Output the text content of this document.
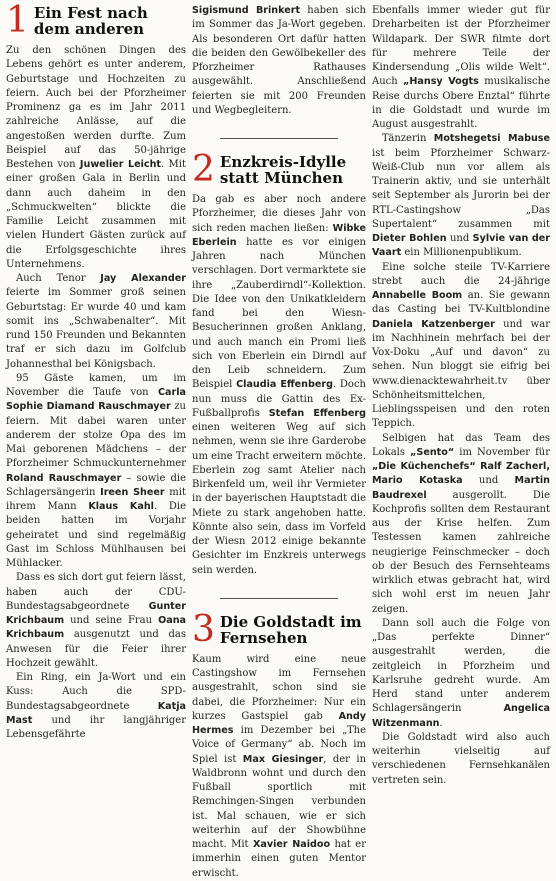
1 Ein Fest nach dem anderen

Zu den schönen Dingen des Lebens gehört es unter anderem, Geburtstage und Hochzeiten zu feiern. Auch bei der Pforzheimer Prominenz ga es im Jahr 2011 zahlreiche Anlässe, auf die angestoßen werden durfte. Zum Beispiel auf das 50-jährige Bestehen von Juwelier Leicht. Mit einer großen Gala in Berlin und dann auch daheim in den „Schmuckwelten“ blickte die Familie Leicht zusammen mit vielen Hundert Gästen zurück auf die Erfolgsgeschichte ihres Unternehmens.

Auch Tenor Jay Alexander feierte im Sommer groß seinen Geburtstag: Er wurde 40 und kam somit ins „Schwabenalter“. Mit rund 150 Freunden und Bekannten traf er sich dazu im Golfclub Johannesthal bei Königsbach.

95 Gäste kamen, um im November die Taufe von Carla Sophie Diamand Rauschmayer zu feiern. Mit dabei waren unter anderem der stolze Opa des im Mai geborenen Mädchens – der Pforzheimer Schmuckunternehmer Roland Rauschmayer – sowie die Schlagersängerin Ireen Sheer mit ihrem Mann Klaus Kahl. Die beiden hatten im Vorjahr geheiratet und sind regelmäßig Gast im Schloss Mühlhausen bei Mühlacker.

Dass es sich dort gut feiern lässt, haben auch der CDU-Bundestagsabgeordnete Gunter Krichbaum und seine Frau Oana Krichbaum ausgenutzt und das Anwesen für die Feier ihrer Hochzeit gewählt.

Ein Ring, ein Ja-Wort und ein Kuss: Auch die SPD-Bundestagsabgeordnete Katja Mast und ihr langjähriger Lebensgefährte

Sigismund Brinkert haben sich im Sommer das Ja-Wort gegeben. Als besonderen Ort dafür hatten die beiden den Gewölbekeller des Pforzheimer Rathauses ausgewählt. Anschließend feierten sie mit 200 Freunden und Wegbegleitern.

2 Enzkreis-Idylle statt München

Da gab es aber noch andere Pforzheimer, die dieses Jahr von sich reden machen ließen: Wibke Eberlein hatte es vor einigen Jahren nach München verschlagen. Dort vermarktete sie ihre „Zauberdirndl“-Kollektion. Die Idee von den Unikatkleidern fand bei den Wiesn-Besucherinnen großen Anklang, und auch manch ein Promi ließ sich von Eberlein ein Dirndl auf den Leib schneidern. Zum Beispiel Claudia Effenberg. Doch nun muss die Gattin des Ex-Fußballprofis Stefan Effenberg einen weiteren Weg auf sich nehmen, wenn sie ihre Garderobe um eine Tracht erweitern möchte. Eberlein zog samt Atelier nach Birkenfeld um, weil ihr Vermieter in der bayerischen Hauptstadt die Miete zu stark angehoben hatte. Könnte also sein, dass im Vorfeld der Wiesn 2012 einige bekannte Gesichter im Enzkreis unterwegs sein werden.

3 Die Goldstadt im Fernsehen

Kaum wird eine neue Castingshow im Fernsehen ausgestrahlt, schon sind sie dabei, die Pforzheimer: Nur ein kurzes Gastspiel gab Andy Hermes im Dezember bei „The Voice of Germany“ ab. Noch im Spiel ist Max Giesinger, der in Waldbronn wohnt und durch den Fußball sportlich mit Remchingen-Singen verbunden ist. Mal schauen, wie er sich weiterhin auf der Showbühne macht. Mit Xavier Naidoo hat er immerhin einen guten Mentor erwischt.

Ebenfalls immer wieder gut für Dreharbeiten ist der Pforzheimer Wildapark. Der SWR filmte dort für mehrere Teile der Kindersendung „Olis wilde Welt“. Auch „Hansy Vogts musikalische Reise durchs Obere Enztal“ führte in die Goldstadt und wurde im August ausgestrahlt.

Tänzerin Motshegetsi Mabuse ist beim Pforzheimer Schwarz-Weiß-Club nun vor allem als Trainerin aktiv, und sie unterhält seit September als Jurorin bei der RTL-Castingshow „Das Supertalent“ zusammen mit Dieter Bohlen und Sylvie van der Vaart ein Millionenpublikum.

Eine solche steile TV-Karriere strebt auch die 24-jährige Annabelle Boom an. Sie gewann das Casting bei TV-Kultblondine Daniela Katzenberger und war im Nachhinein mehrfach bei der Vox-Doku „Auf und davon“ zu sehen. Nun bloggt sie eifrig bei www.dienacktewahrheit.tv über Schönheitsmittelchen, Lieblingsspeisen und den roten Teppich.

Selbigen hat das Team des Lokals „Sento“ im November für „Die Küchenchefs“ Ralf Zacherl, Mario Kotaska und Martin Baudrexel ausgerollt. Die Kochprofis sollten dem Restaurant aus der Krise helfen. Zum Testessen kamen zahlreiche neugierige Feinschmecker – doch ob der Besuch des Fernsehteams wirklich etwas gebracht hat, wird sich wohl erst im neuen Jahr zeigen.

Dann soll auch die Folge von „Das perfekte Dinner“ ausgestrahlt werden, die zeitgleich in Pforzheim und Karlsruhe gedreht wurde. Am Herd stand unter anderem Schlagersängerin Angelica Witzenmann.

Die Goldstadt wird also auch weiterhin vielseitig auf verschiedenen Fernsehkanälen vertreten sein.
